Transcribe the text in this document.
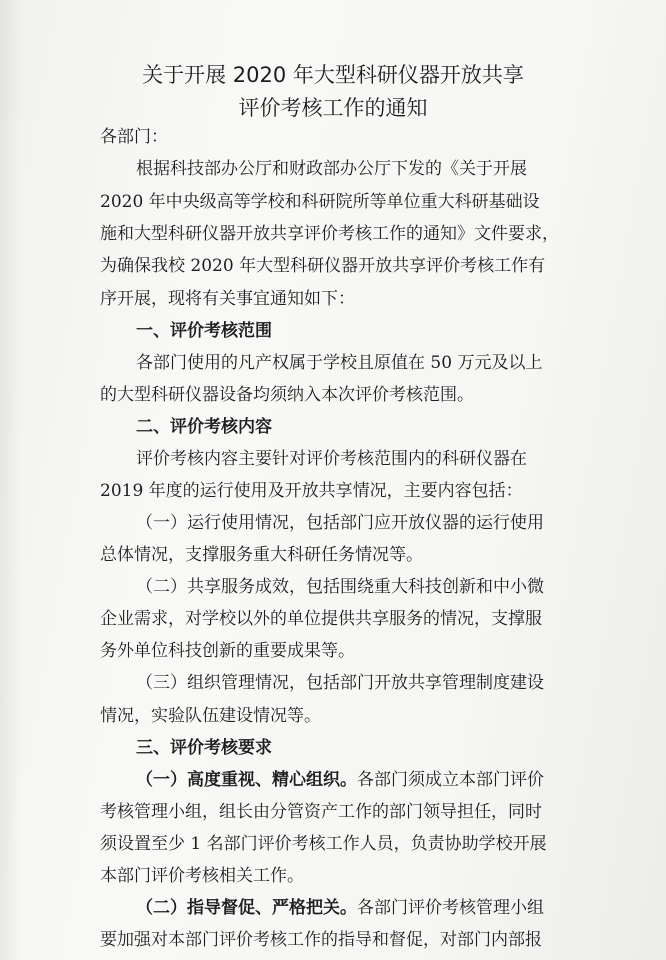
关于开展 2020 年大型科研仪器开放共享
评价考核工作的通知
各部门：
根据科技部办公厅和财政部办公厅下发的《关于开展
2020 年中央级高等学校和科研院所等单位重大科研基础设
施和大型科研仪器开放共享评价考核工作的通知》文件要求，
为确保我校 2020 年大型科研仪器开放共享评价考核工作有
序开展，现将有关事宜通知如下：
一、评价考核范围
各部门使用的凡产权属于学校且原值在 50 万元及以上
的大型科研仪器设备均须纳入本次评价考核范围。
二、评价考核内容
评价考核内容主要针对评价考核范围内的科研仪器在
2019 年度的运行使用及开放共享情况，主要内容包括：
（一）运行使用情况，包括部门应开放仪器的运行使用
总体情况，支撑服务重大科研任务情况等。
（二）共享服务成效，包括围绕重大科技创新和中小微
企业需求，对学校以外的单位提供共享服务的情况，支撑服
务外单位科技创新的重要成果等。
（三）组织管理情况，包括部门开放共享管理制度建设
情况，实验队伍建设情况等。
三、评价考核要求
（一）高度重视、精心组织。各部门须成立本部门评价
考核管理小组，组长由分管资产工作的部门领导担任，同时
须设置至少 1 名部门评价考核工作人员，负责协助学校开展
本部门评价考核相关工作。
（二）指导督促、严格把关。各部门评价考核管理小组
要加强对本部门评价考核工作的指导和督促，对部门内部报
